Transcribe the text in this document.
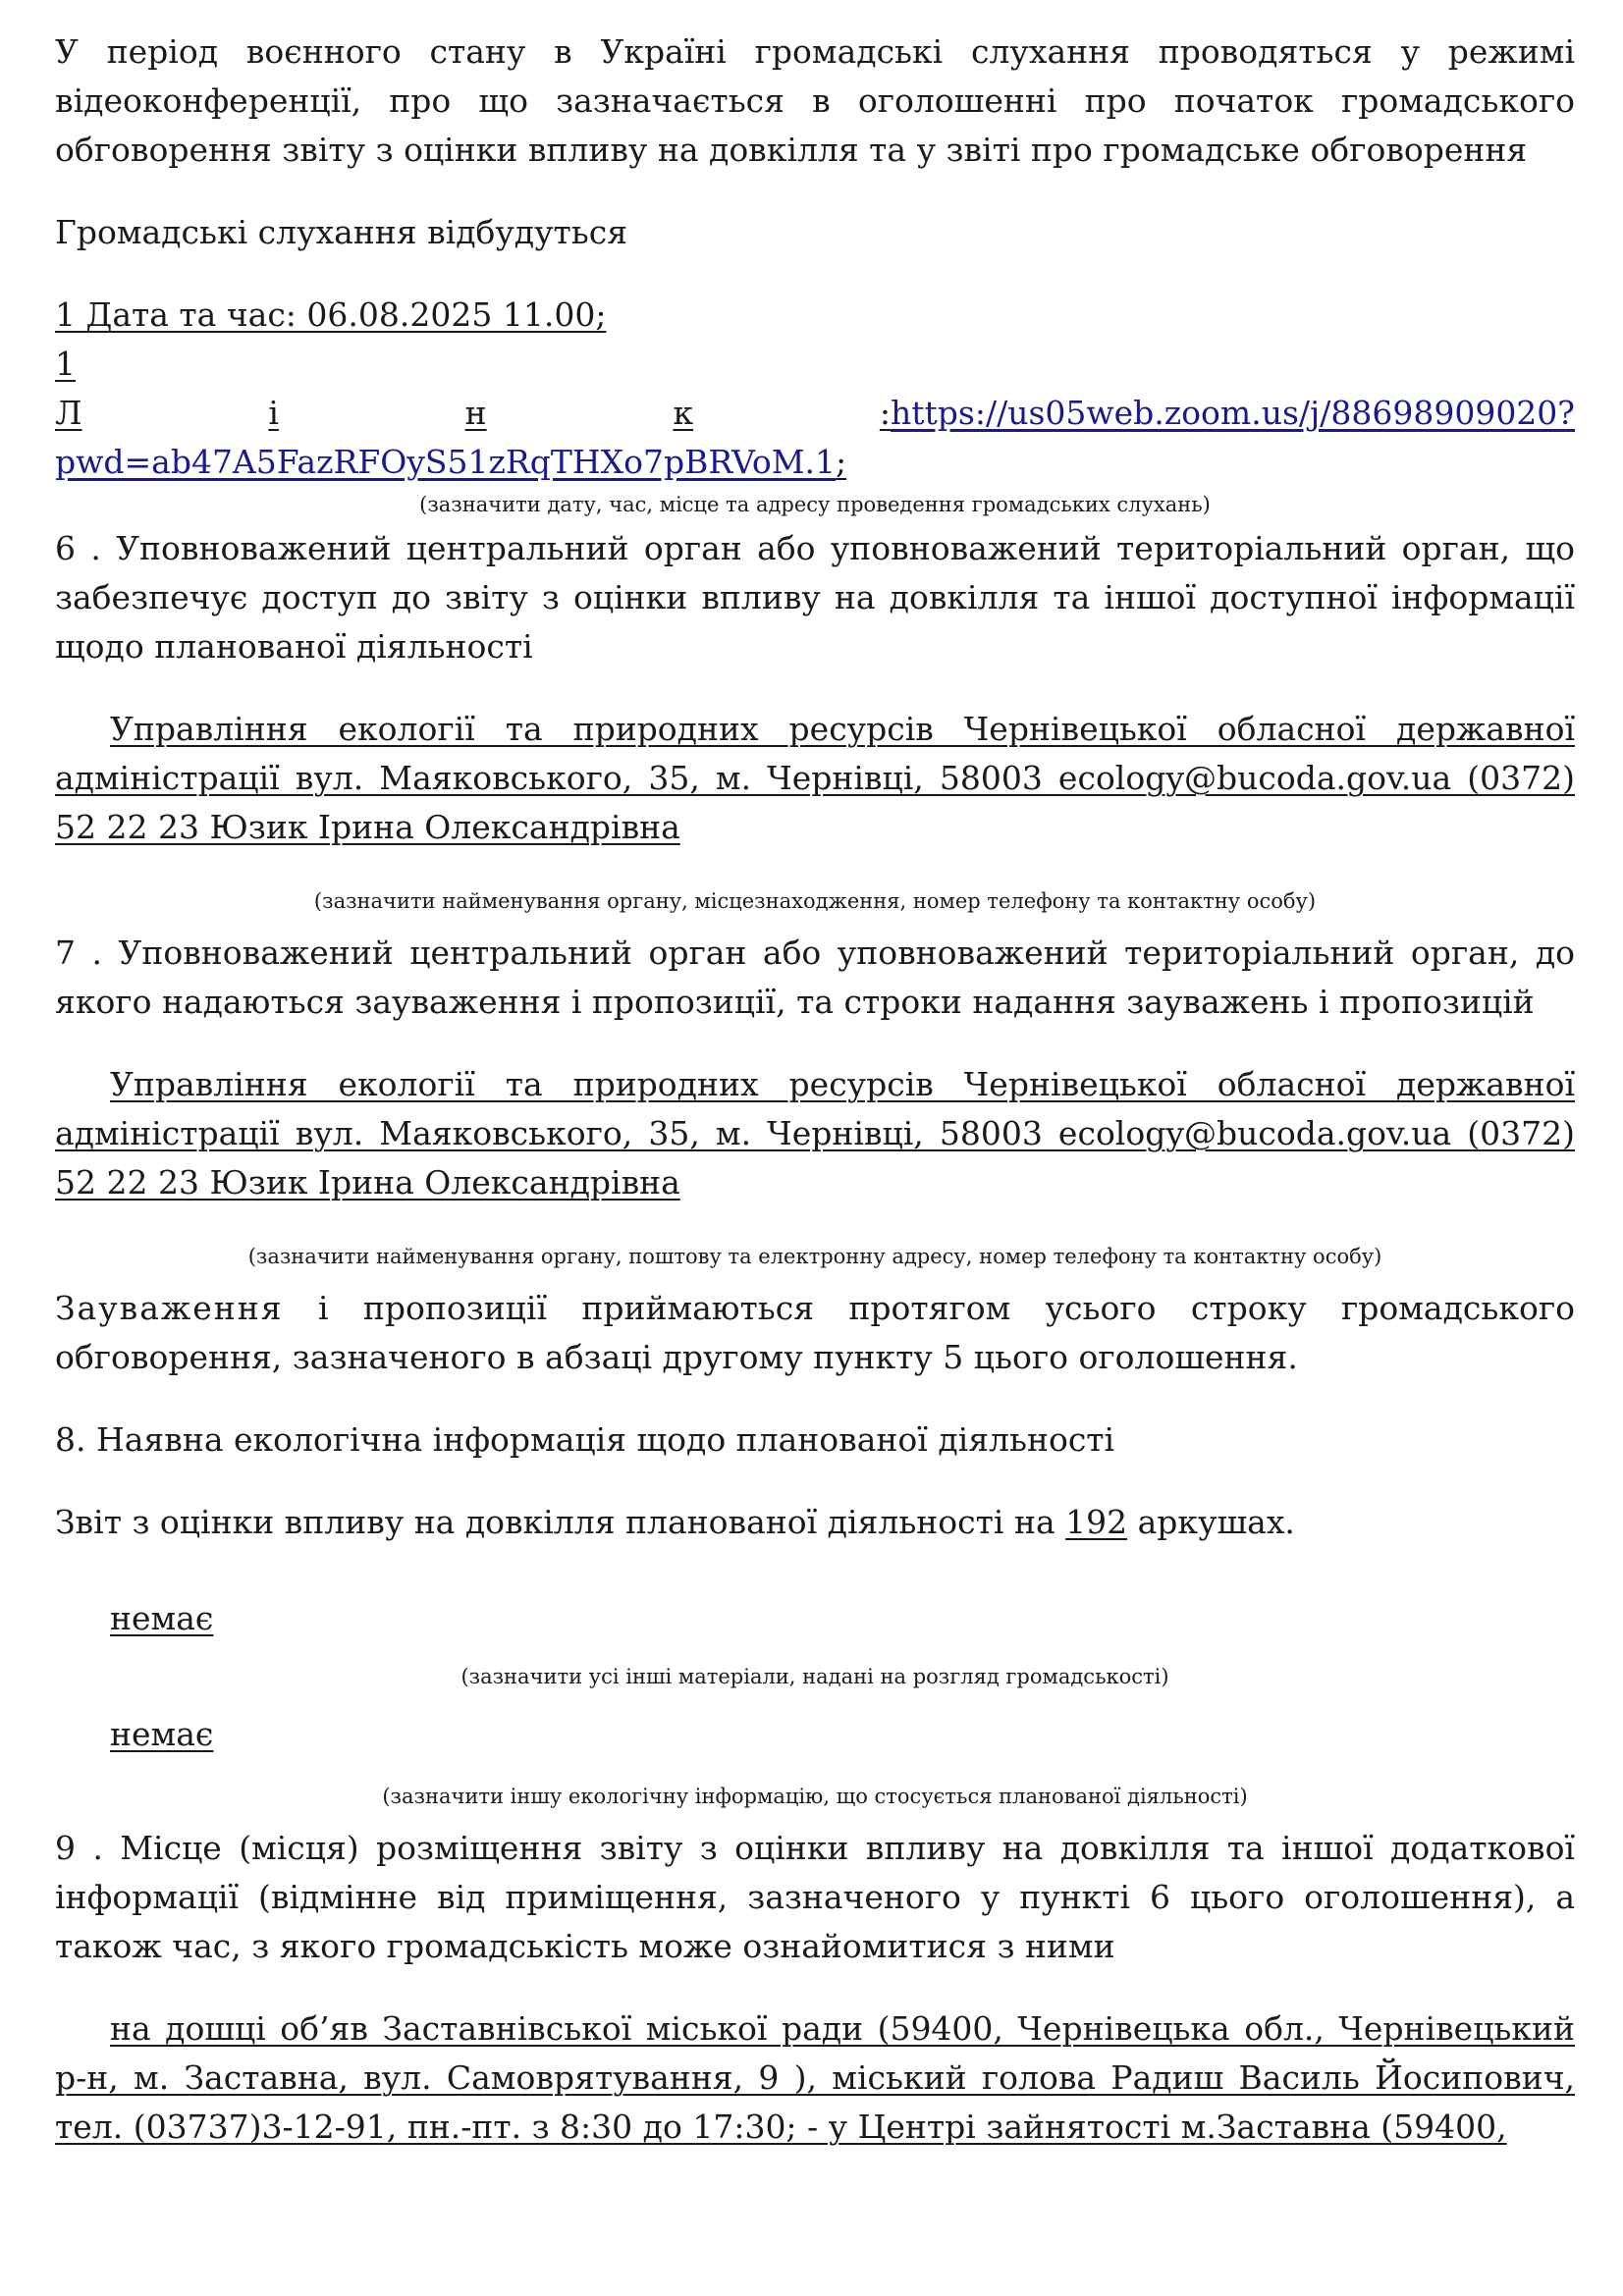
У період воєнного стану в Україні громадські слухання проводяться у режимі відеоконференції, про що зазначається в оголошенні про початок громадського обговорення звіту з оцінки впливу на довкілля та у звіті про громадське обговорення

Громадські слухання відбудуться

1 Дата та час: 06.08.2025 11.00;

1

Л	і	н	к	: https://us05web.zoom.us/j/88698909020?

pwd=ab47A5FazRFOyS51zRqTHXo7pBRVoM.1;

(зазначити дату, час, місце та адресу проведення громадських слухань)

6 . Уповноважений центральний орган або уповноважений територіальний орган, що забезпечує доступ до звіту з оцінки впливу на довкілля та іншої доступної інформації щодо планованої діяльності

Управління екології та природних ресурсів Чернівецької обласної державної адміністрації вул. Маяковського, 35, м. Чернівці, 58003 ecology@bucoda.gov.ua (0372) 52 22 23 Юзик Ірина Олександрівна

(зазначити найменування органу, місцезнаходження, номер телефону та контактну особу)

7 . Уповноважений центральний орган або уповноважений територіальний орган, до якого надаються зауваження і пропозиції, та строки надання зауважень і пропозицій

Управління екології та природних ресурсів Чернівецької обласної державної адміністрації вул. Маяковського, 35, м. Чернівці, 58003 ecology@bucoda.gov.ua (0372) 52 22 23 Юзик Ірина Олександрівна

(зазначити найменування органу, поштову та електронну адресу, номер телефону та контактну особу)

Зауваження і пропозиції приймаються протягом усього строку громадського обговорення, зазначеного в абзаці другому пункту 5 цього оголошення.

8. Наявна екологічна інформація щодо планованої діяльності

Звіт з оцінки впливу на довкілля планованої діяльності на 192 аркушах.

немає

(зазначити усі інші матеріали, надані на розгляд громадськості)

немає

(зазначити іншу екологічну інформацію, що стосується планованої діяльності)

9 . Місце (місця) розміщення звіту з оцінки впливу на довкілля та іншої додаткової інформації (відмінне від приміщення, зазначеного у пункті 6 цього оголошення), а також час, з якого громадськість може ознайомитися з ними

на дошці об’яв Заставнівської міської ради (59400, Чернівецька обл., Чернівецький р-н, м. Заставна, вул. Самоврятування, 9 ), міський голова Радиш Василь Йосипович, тел. (03737)3-12-91, пн.-пт. з 8:30 до 17:30; - у Центрі зайнятості м.Заставна (59400,
